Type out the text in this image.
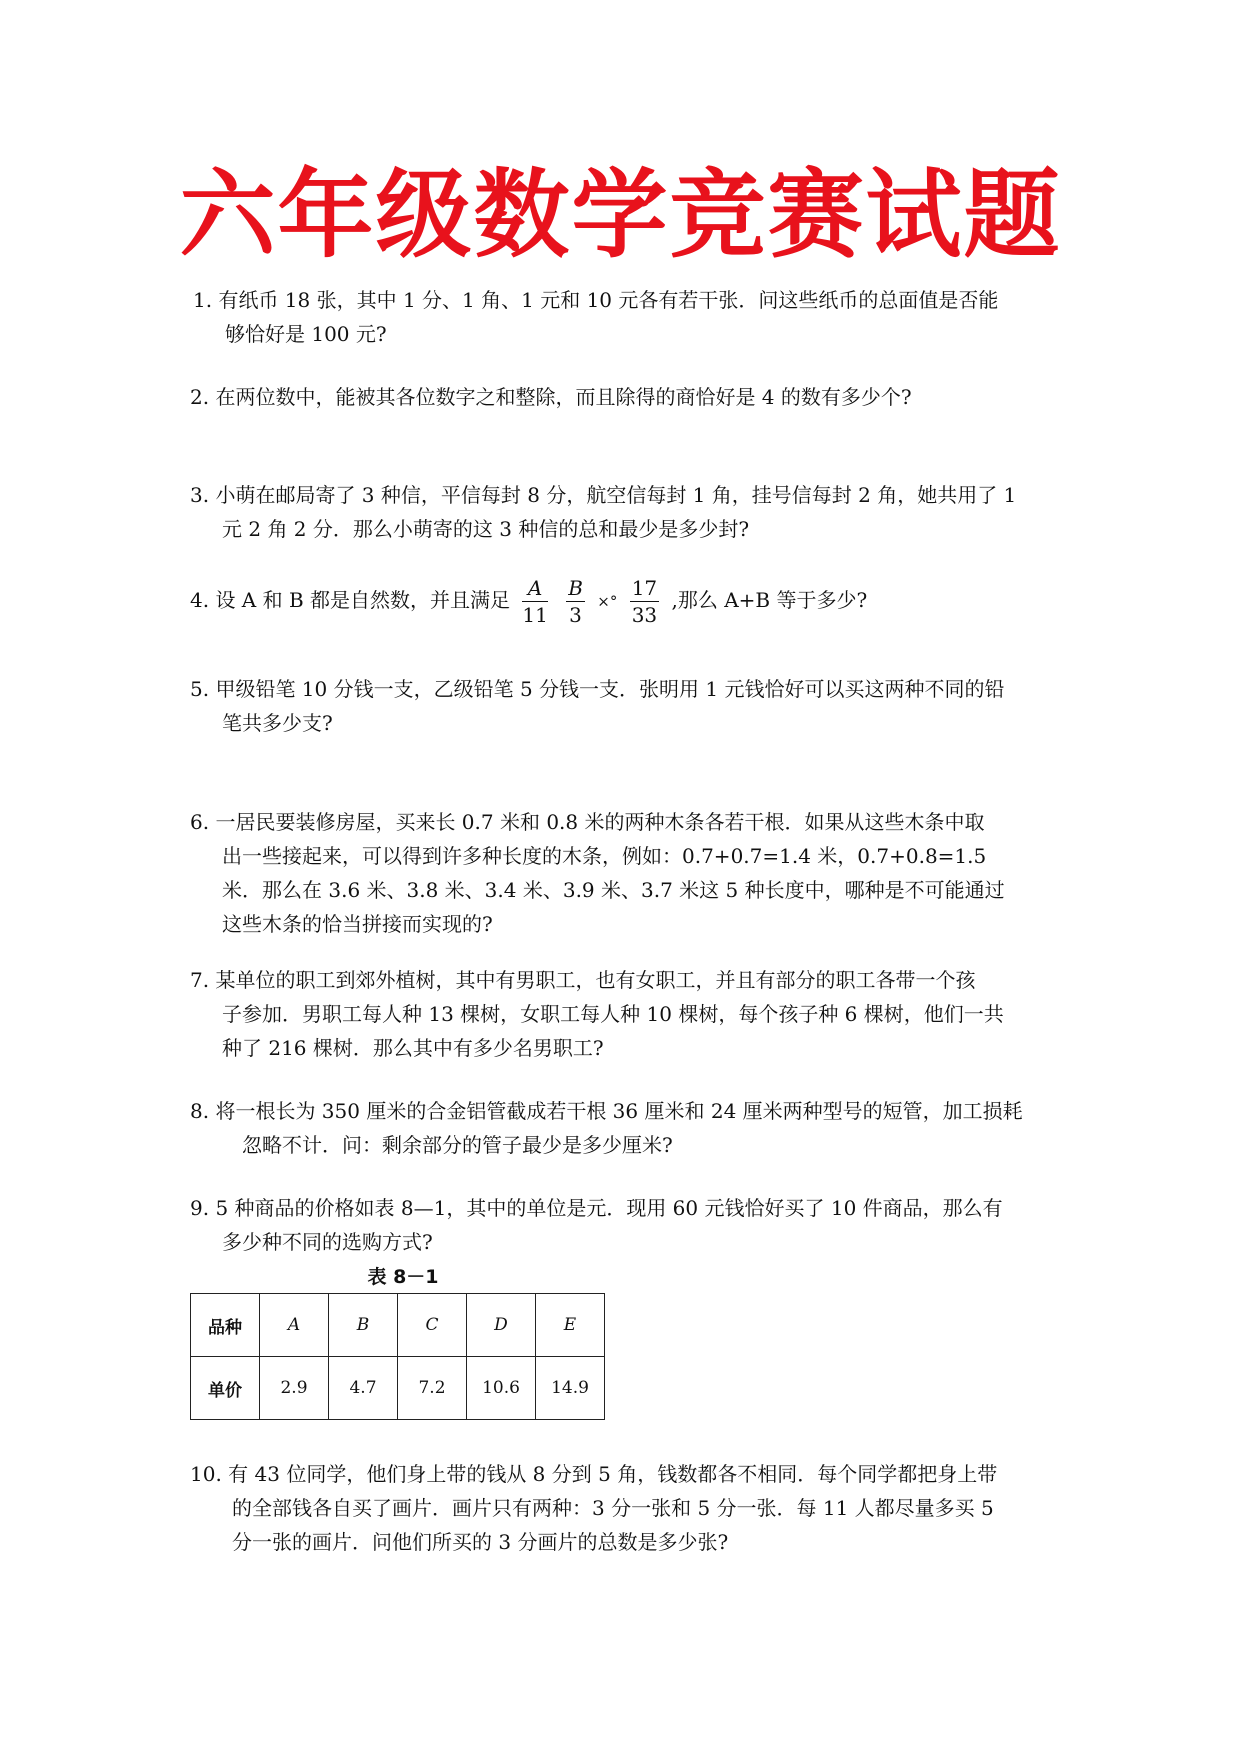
六年级数学竞赛试题
1. 有纸币 18 张，其中 1 分、1 角、1 元和 10 元各有若干张．问这些纸币的总面值是否能
够恰好是 100 元?
2. 在两位数中，能被其各位数字之和整除，而且除得的商恰好是 4 的数有多少个?
3. 小萌在邮局寄了 3 种信，平信每封 8 分，航空信每封 1 角，挂号信每封 2 角，她共用了 1
元 2 角 2 分．那么小萌寄的这 3 种信的总和最少是多少封?
4. 设 A 和 B 都是自然数，并且满足 $\frac{A}{11}$
$\frac{B}{3}$ ×° $\frac{17}{33}$ ,那么 A+B 等于多少?
5. 甲级铅笔 10 分钱一支，乙级铅笔 5 分钱一支．张明用 1 元钱恰好可以买这两种不同的铅
笔共多少支?
6. 一居民要装修房屋，买来长 0.7 米和 0.8 米的两种木条各若干根．如果从这些木条中取
出一些接起来，可以得到许多种长度的木条，例如：0.7+0.7=1.4 米，0.7+0.8=1.5
米．那么在 3.6 米、3.8 米、3.4 米、3.9 米、3.7 米这 5 种长度中，哪种是不可能通过
这些木条的恰当拼接而实现的?
7. 某单位的职工到郊外植树，其中有男职工，也有女职工，并且有部分的职工各带一个孩
子参加．男职工每人种 13 棵树，女职工每人种 10 棵树，每个孩子种 6 棵树，他们一共
种了 216 棵树．那么其中有多少名男职工?
8. 将一根长为 350 厘米的合金铝管截成若干根 36 厘米和 24 厘米两种型号的短管，加工损耗
忽略不计．问：剩余部分的管子最少是多少厘米?
9. 5 种商品的价格如表 8—1，其中的单位是元．现用 60 元钱恰好买了 10 件商品，那么有
多少种不同的选购方式?
表 8－1
品种	A	B	C	D	E
单价	2.9	4.7	7.2	10.6	14.9
10. 有 43 位同学，他们身上带的钱从 8 分到 5 角，钱数都各不相同．每个同学都把身上带
的全部钱各自买了画片．画片只有两种：3 分一张和 5 分一张．每 11 人都尽量多买 5
分一张的画片．问他们所买的 3 分画片的总数是多少张?
